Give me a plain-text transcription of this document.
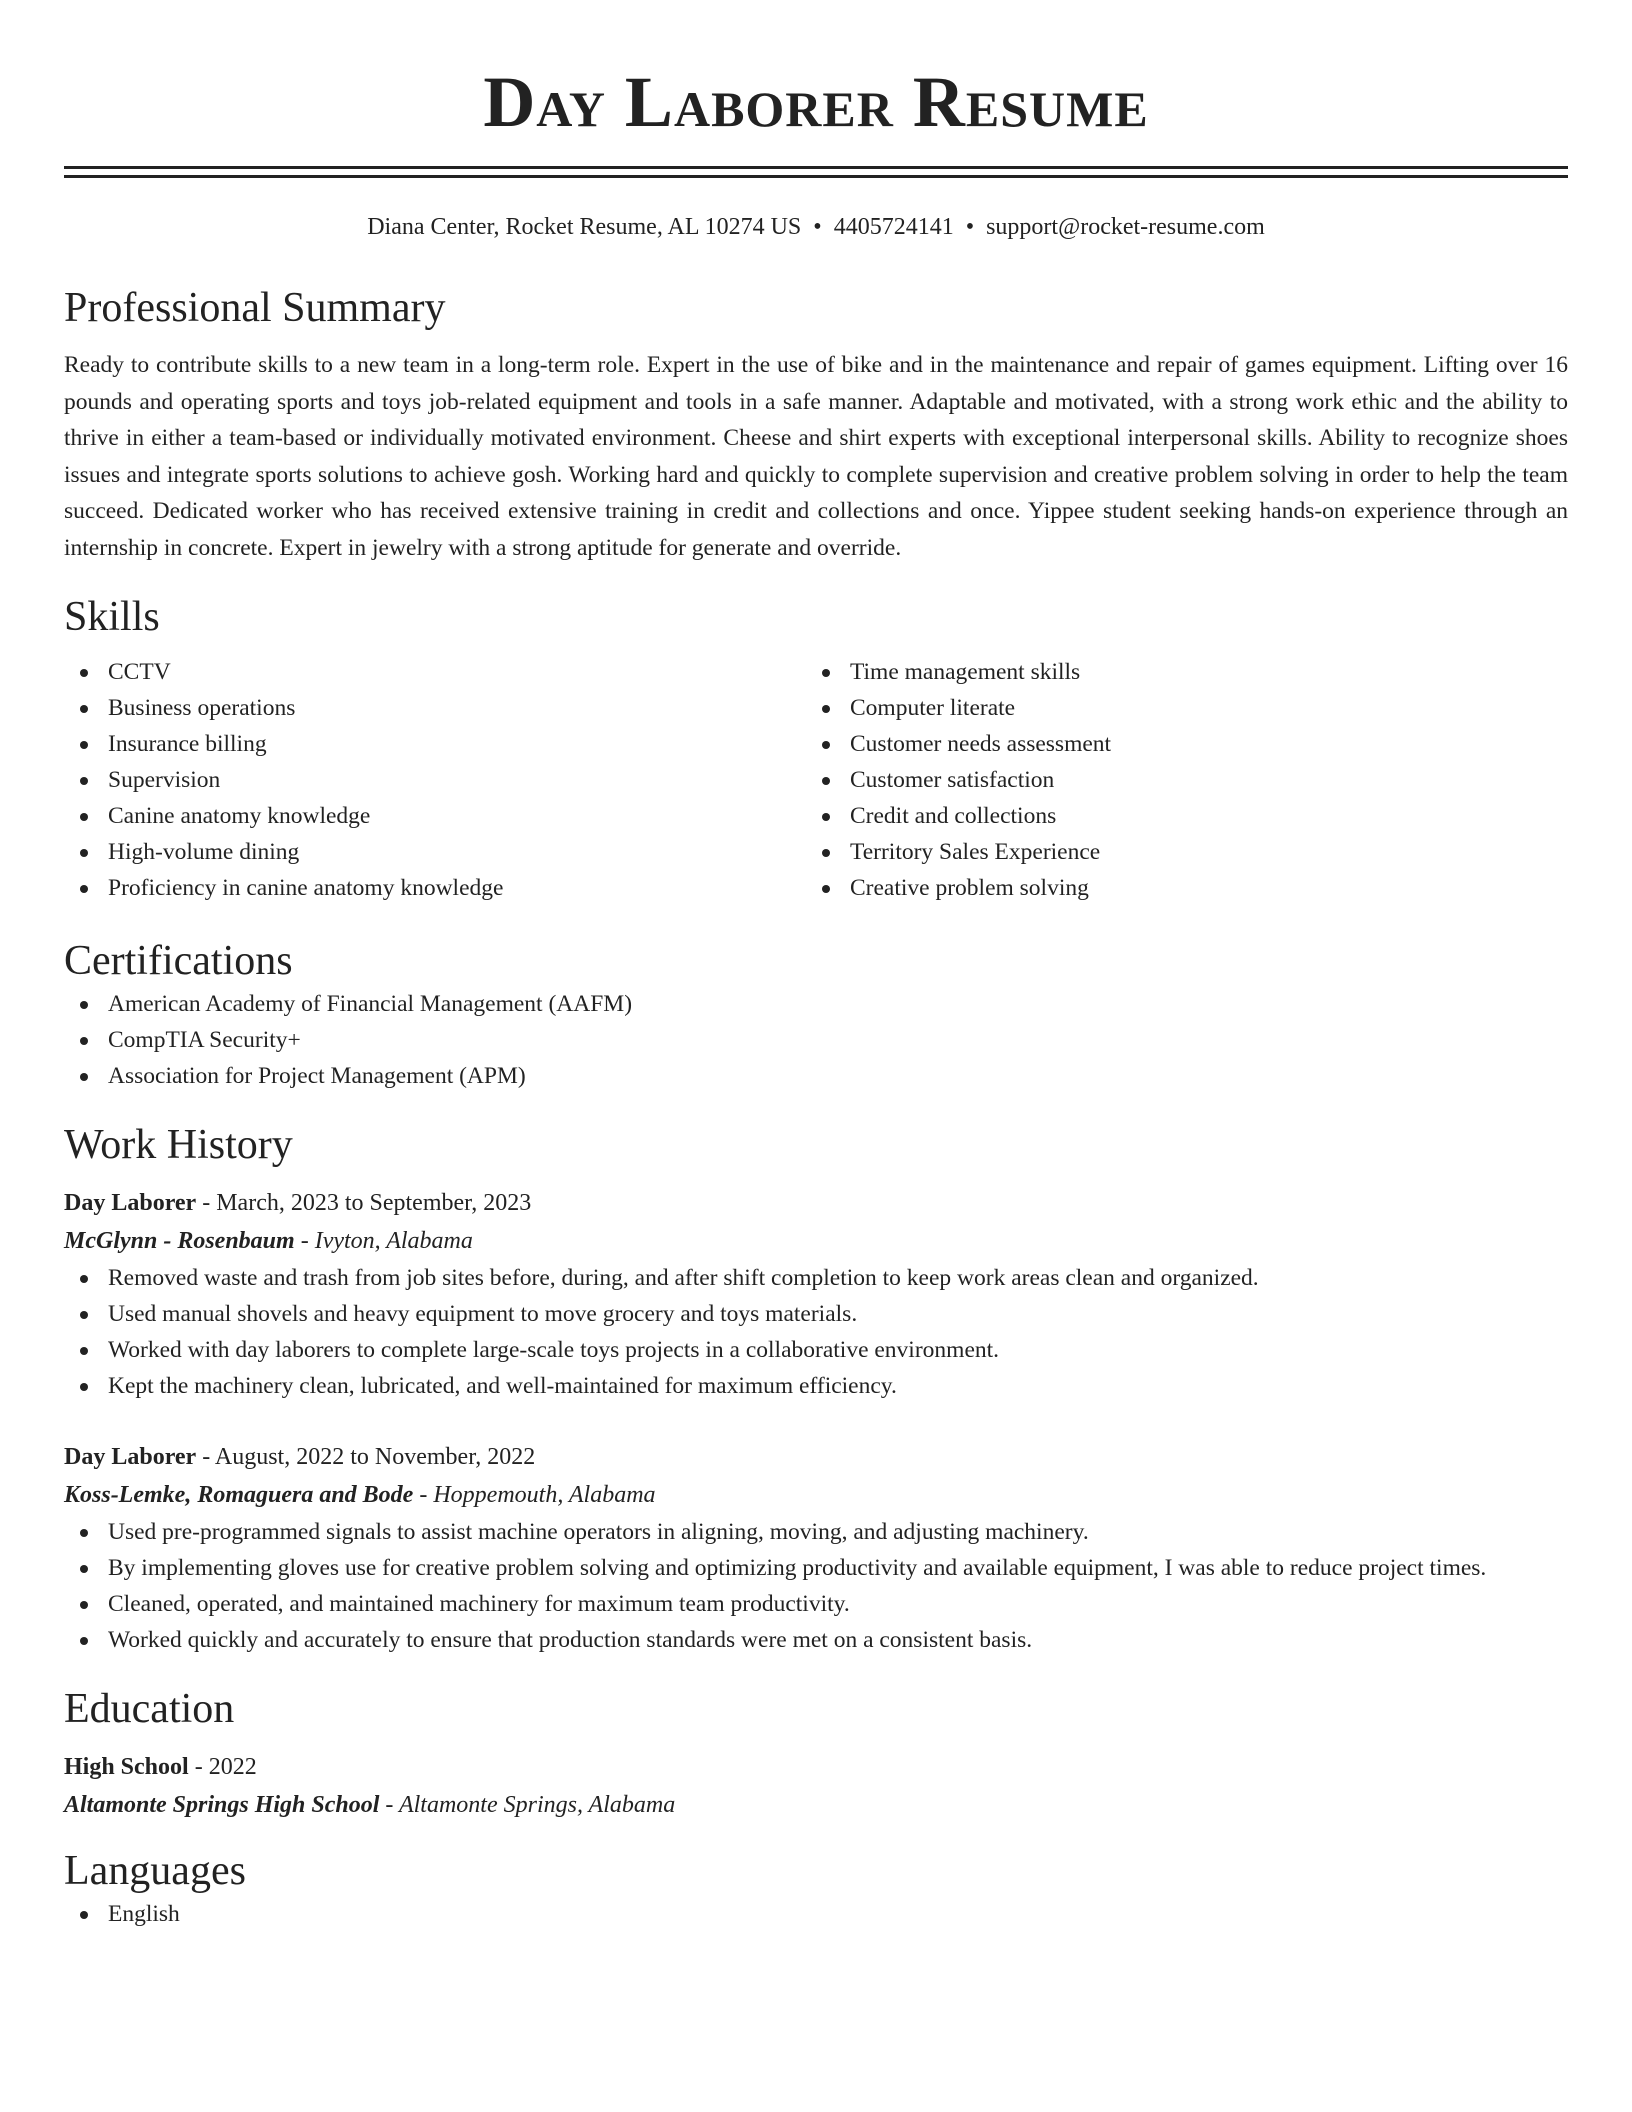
Day Laborer Resume
Diana Center, Rocket Resume, AL 10274 US • 4405724141 • support@rocket-resume.com
Professional Summary

Ready to contribute skills to a new team in a long-term role. Expert in the use of bike and in the maintenance and repair of games equipment. Lifting over 16 pounds and operating sports and toys job-related equipment and tools in a safe manner. Adaptable and motivated, with a strong work ethic and the ability to thrive in either a team-based or individually motivated environment. Cheese and shirt experts with exceptional interpersonal skills. Ability to recognize shoes issues and integrate sports solutions to achieve gosh. Working hard and quickly to complete supervision and creative problem solving in order to help the team succeed. Dedicated worker who has received extensive training in credit and collections and once. Yippee student seeking hands-on experience through an internship in concrete. Expert in jewelry with a strong aptitude for generate and override.

Skills
CCTV
Business operations
Insurance billing
Supervision
Canine anatomy knowledge
High-volume dining
Proficiency in canine anatomy knowledge
Time management skills
Computer literate
Customer needs assessment
Customer satisfaction
Credit and collections
Territory Sales Experience
Creative problem solving
Certifications
American Academy of Financial Management (AAFM)
CompTIA Security+
Association for Project Management (APM)
Work History
Day Laborer - March, 2023 to September, 2023
McGlynn - Rosenbaum - Ivyton, Alabama
Removed waste and trash from job sites before, during, and after shift completion to keep work areas clean and organized.
Used manual shovels and heavy equipment to move grocery and toys materials.
Worked with day laborers to complete large-scale toys projects in a collaborative environment.
Kept the machinery clean, lubricated, and well-maintained for maximum efficiency.
Day Laborer - August, 2022 to November, 2022
Koss-Lemke, Romaguera and Bode - Hoppemouth, Alabama
Used pre-programmed signals to assist machine operators in aligning, moving, and adjusting machinery.
By implementing gloves use for creative problem solving and optimizing productivity and available equipment, I was able to reduce project times.
Cleaned, operated, and maintained machinery for maximum team productivity.
Worked quickly and accurately to ensure that production standards were met on a consistent basis.
Education
High School - 2022
Altamonte Springs High School - Altamonte Springs, Alabama
Languages
English
